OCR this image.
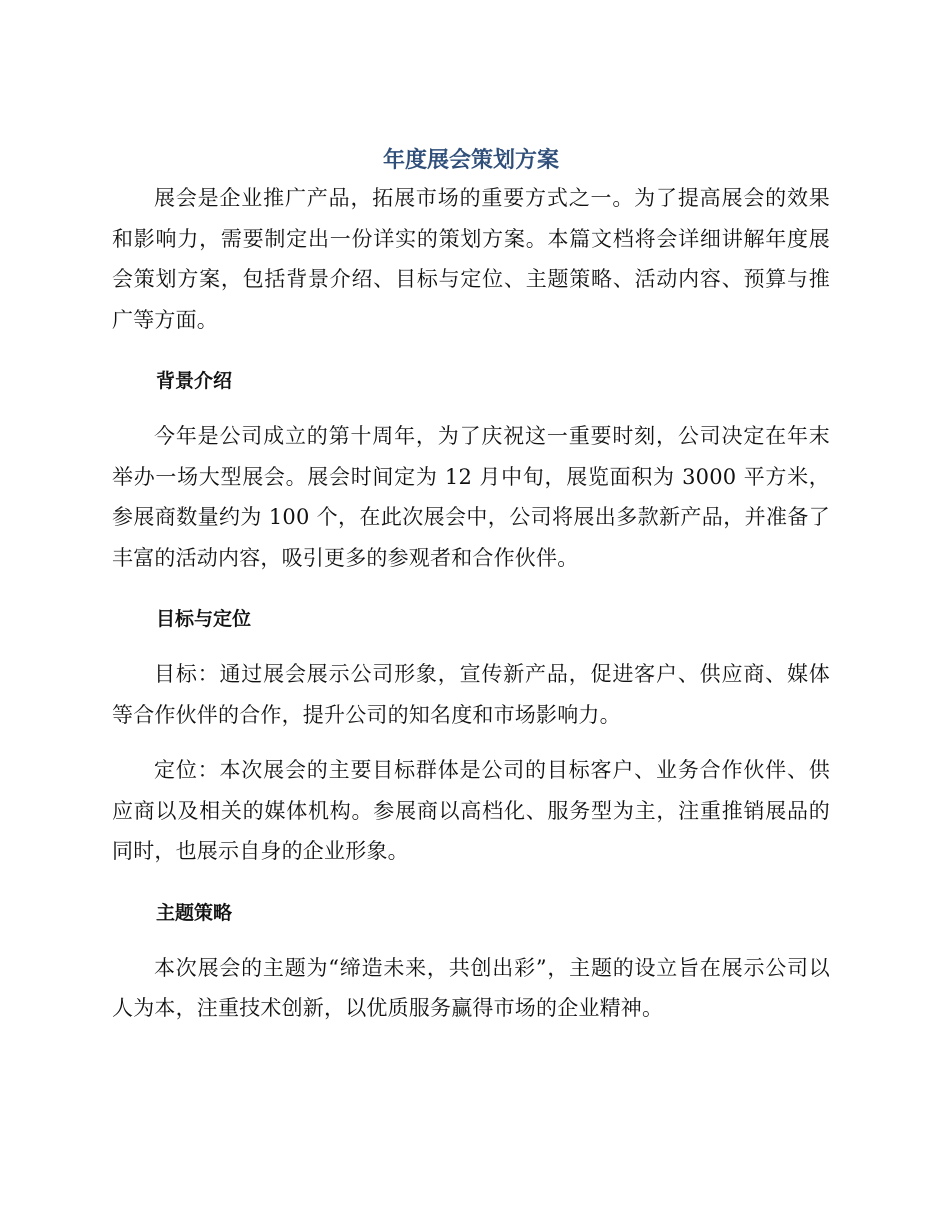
年度展会策划方案

展会是企业推广产品，拓展市场的重要方式之一。为了提高展会的效果和影响力，需要制定出一份详实的策划方案。本篇文档将会详细讲解年度展会策划方案，包括背景介绍、目标与定位、主题策略、活动内容、预算与推广等方面。

背景介绍

今年是公司成立的第十周年，为了庆祝这一重要时刻，公司决定在年末举办一场大型展会。展会时间定为 12 月中旬，展览面积为 3000 平方米，参展商数量约为 100 个，在此次展会中，公司将展出多款新产品，并准备了丰富的活动内容，吸引更多的参观者和合作伙伴。

目标与定位

目标：通过展会展示公司形象，宣传新产品，促进客户、供应商、媒体等合作伙伴的合作，提升公司的知名度和市场影响力。

定位：本次展会的主要目标群体是公司的目标客户、业务合作伙伴、供应商以及相关的媒体机构。参展商以高档化、服务型为主，注重推销展品的同时，也展示自身的企业形象。

主题策略

本次展会的主题为“缔造未来，共创出彩”，主题的设立旨在展示公司以人为本，注重技术创新，以优质服务赢得市场的企业精神。
